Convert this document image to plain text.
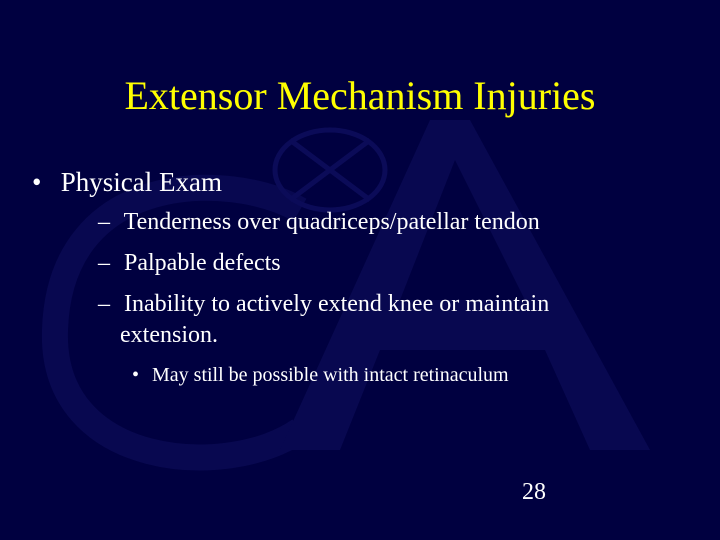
Extensor Mechanism Injuries
• Physical Exam
– Tenderness over quadriceps/patellar tendon
– Palpable defects
– Inability to actively extend knee or maintain
extension.
• May still be possible with intact retinaculum
28
